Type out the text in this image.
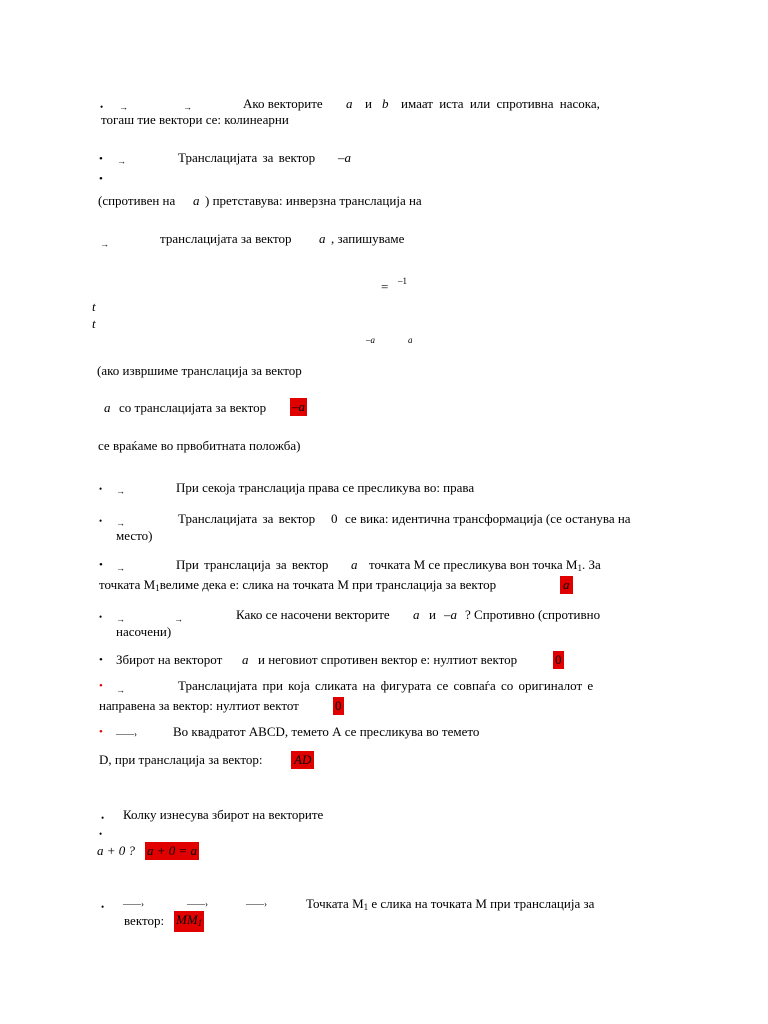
• →	→	Ако векторите a и b имаат иста или спротивна насока,
тогаш тие вектори се: колинеарни
• →	Транслацијата за вектор –a
•
(спротивен на a ) претставува: инверзна транслација на
→	транслацијата за вектор a , запишуваме
= –1
t
t
–a	a
(ако извршиме транслација за вектор
a со транслацијата за вектор –a
се враќаме во првобитната положба)
• →	При секоја транслација права се пресликува во: права
• →	Транслацијата за вектор 0 се вика: идентична трансформација (се останува на
место)
• →	При транслација за вектор a точката М се пресликува вон точка $М_1$. За
точката $М_1велиме$ дека е: слика на точката М при транслација за вектор	a
• →	→	Како се насочени векторите a и –a ? Спротивно (спротивно
насочени)
• Збирот на векторот a и неговиот спротивен вектор е: нултиот вектор	0
• →	Транслацијата при која сликата на фигурата се совпаѓа со оригиналот е
направена за вектор: нултиот вектот	0
• ——›	Во квадратот АВСD, темето А се пресликува во темето
D, при транслација за вектор: AD
• Колку изнесува збирот на векторите
•
a + 0 ? a + 0 = a
• ——›	——›	——›	Точката $М_1$ е слика на точката М при транслација за
вектор: $MM_1$
